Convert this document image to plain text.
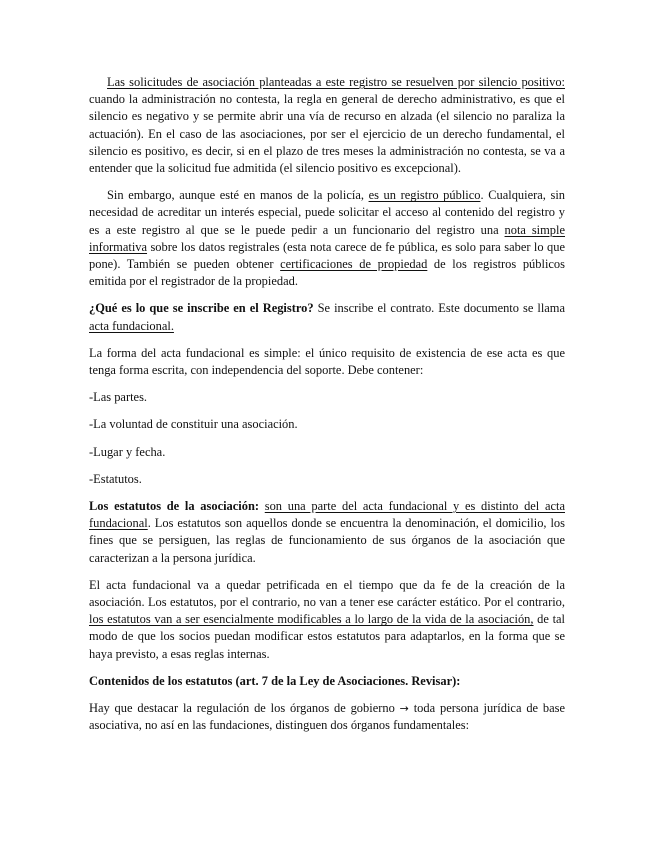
Las solicitudes de asociación planteadas a este registro se resuelven por silencio positivo: cuando la administración no contesta, la regla en general de derecho administrativo, es que el silencio es negativo y se permite abrir una vía de recurso en alzada (el silencio no paraliza la actuación). En el caso de las asociaciones, por ser el ejercicio de un derecho fundamental, el silencio es positivo, es decir, si en el plazo de tres meses la administración no contesta, se va a entender que la solicitud fue admitida (el silencio positivo es excepcional).

Sin embargo, aunque esté en manos de la policía, es un registro público. Cualquiera, sin necesidad de acreditar un interés especial, puede solicitar el acceso al contenido del registro y es a este registro al que se le puede pedir a un funcionario del registro una nota simple informativa sobre los datos registrales (esta nota carece de fe pública, es solo para saber lo que pone). También se pueden obtener certificaciones de propiedad de los registros públicos emitida por el registrador de la propiedad.

¿Qué es lo que se inscribe en el Registro? Se inscribe el contrato. Este documento se llama acta fundacional.

La forma del acta fundacional es simple: el único requisito de existencia de ese acta es que tenga forma escrita, con independencia del soporte. Debe contener:

-Las partes.

-La voluntad de constituir una asociación.

-Lugar y fecha.

-Estatutos.

Los estatutos de la asociación: son una parte del acta fundacional y es distinto del acta fundacional. Los estatutos son aquellos donde se encuentra la denominación, el domicilio, los fines que se persiguen, las reglas de funcionamiento de sus órganos de la asociación que caracterizan a la persona jurídica.

El acta fundacional va a quedar petrificada en el tiempo que da fe de la creación de la asociación. Los estatutos, por el contrario, no van a tener ese carácter estático. Por el contrario, los estatutos van a ser esencialmente modificables a lo largo de la vida de la asociación, de tal modo de que los socios puedan modificar estos estatutos para adaptarlos, en la forma que se haya previsto, a esas reglas internas.

Contenidos de los estatutos (art. 7 de la Ley de Asociaciones. Revisar):

Hay que destacar la regulación de los órganos de gobierno → toda persona jurídica de base asociativa, no así en las fundaciones, distinguen dos órganos fundamentales:
